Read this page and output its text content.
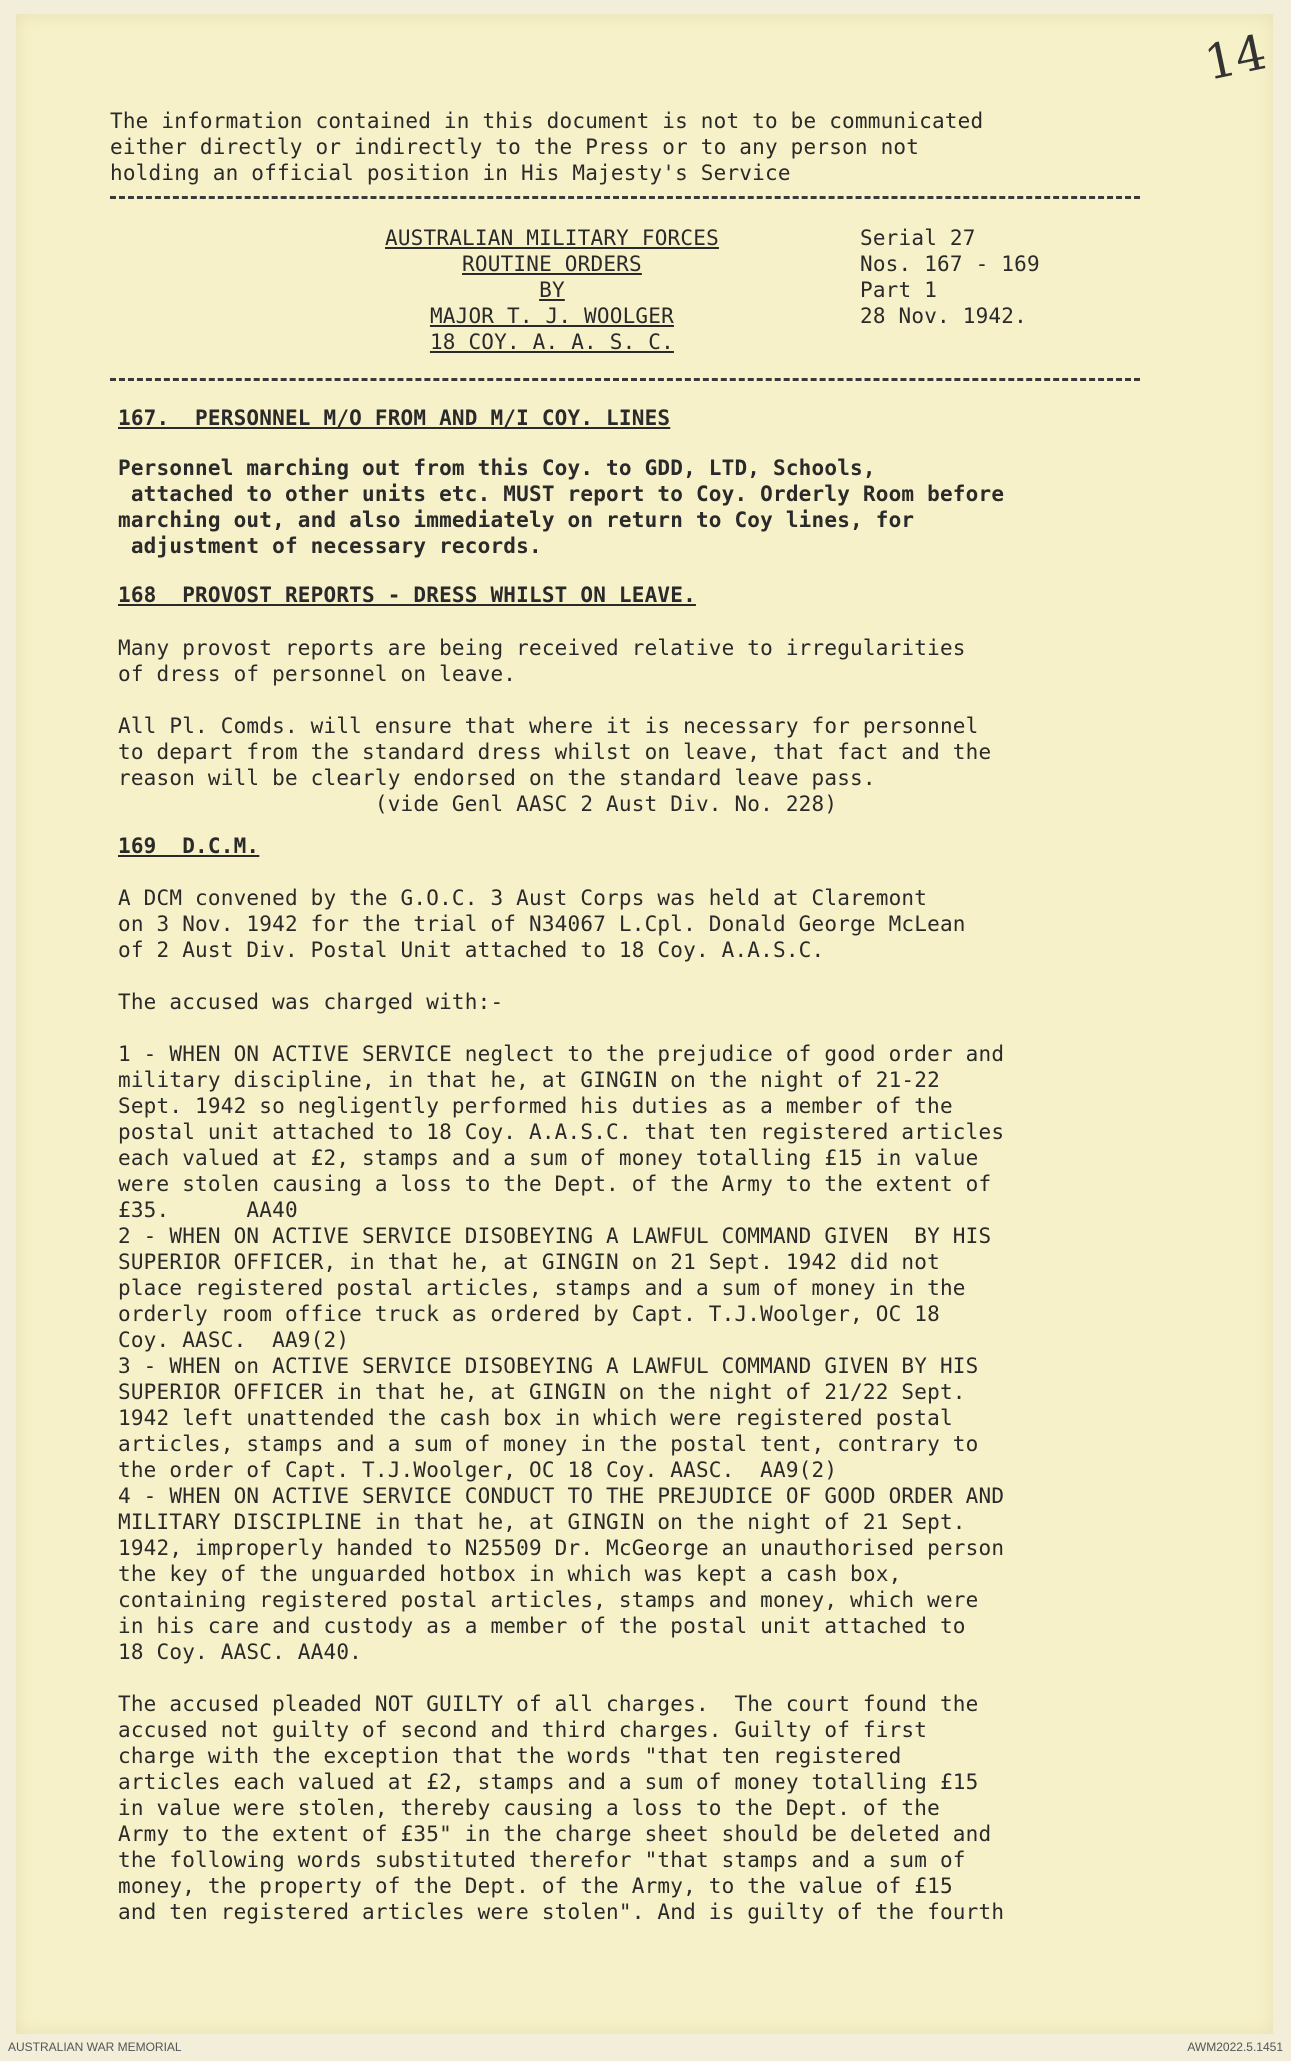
14
The information contained in this document is not to be communicated
either directly or indirectly to the Press or to any person not
holding an official position in His Majesty's Service
AUSTRALIAN MILITARY FORCES
ROUTINE ORDERS
BY
MAJOR T. J. WOOLGER
18 COY. A. A. S. C.
Serial 27
Nos. 167 - 169
Part 1
28 Nov. 1942.
167.  PERSONNEL M/O FROM AND M/I COY. LINES
Personnel marching out from this Coy. to GDD, LTD, Schools,
attached to other units etc. MUST report to Coy. Orderly Room before
marching out, and also immediately on return to Coy lines, for
adjustment of necessary records.
168  PROVOST REPORTS - DRESS WHILST ON LEAVE.
Many provost reports are being received relative to irregularities
of dress of personnel on leave.

All Pl. Comds. will ensure that where it is necessary for personnel
to depart from the standard dress whilst on leave, that fact and the
reason will be clearly endorsed on the standard leave pass.
(vide Genl AASC 2 Aust Div. No. 228)
169  D.C.M.
A DCM convened by the G.O.C. 3 Aust Corps was held at Claremont
on 3 Nov. 1942 for the trial of N34067 L.Cpl. Donald George McLean
of 2 Aust Div. Postal Unit attached to 18 Coy. A.A.S.C.

The accused was charged with:-

1 - WHEN ON ACTIVE SERVICE neglect to the prejudice of good order and
military discipline, in that he, at GINGIN on the night of 21-22
Sept. 1942 so negligently performed his duties as a member of the
postal unit attached to 18 Coy. A.A.S.C. that ten registered articles
each valued at £2, stamps and a sum of money totalling £15 in value
were stolen causing a loss to the Dept. of the Army to the extent of
£35.      AA40
2 - WHEN ON ACTIVE SERVICE DISOBEYING A LAWFUL COMMAND GIVEN  BY HIS
SUPERIOR OFFICER, in that he, at GINGIN on 21 Sept. 1942 did not
place registered postal articles, stamps and a sum of money in the
orderly room office truck as ordered by Capt. T.J.Woolger, OC 18
Coy. AASC.  AA9(2)
3 - WHEN on ACTIVE SERVICE DISOBEYING A LAWFUL COMMAND GIVEN BY HIS
SUPERIOR OFFICER in that he, at GINGIN on the night of 21/22 Sept.
1942 left unattended the cash box in which were registered postal
articles, stamps and a sum of money in the postal tent, contrary to
the order of Capt. T.J.Woolger, OC 18 Coy. AASC.  AA9(2)
4 - WHEN ON ACTIVE SERVICE CONDUCT TO THE PREJUDICE OF GOOD ORDER AND
MILITARY DISCIPLINE in that he, at GINGIN on the night of 21 Sept.
1942, improperly handed to N25509 Dr. McGeorge an unauthorised person
the key of the unguarded hotbox in which was kept a cash box,
containing registered postal articles, stamps and money, which were
in his care and custody as a member of the postal unit attached to
18 Coy. AASC. AA40.

The accused pleaded NOT GUILTY of all charges.  The court found the
accused not guilty of second and third charges. Guilty of first
charge with the exception that the words "that ten registered
articles each valued at £2, stamps and a sum of money totalling £15
in value were stolen, thereby causing a loss to the Dept. of the
Army to the extent of £35" in the charge sheet should be deleted and
the following words substituted therefor "that stamps and a sum of
money, the property of the Dept. of the Army, to the value of £15
and ten registered articles were stolen". And is guilty of the fourth
AUSTRALIAN WAR MEMORIAL	AWM2022.5.1451
